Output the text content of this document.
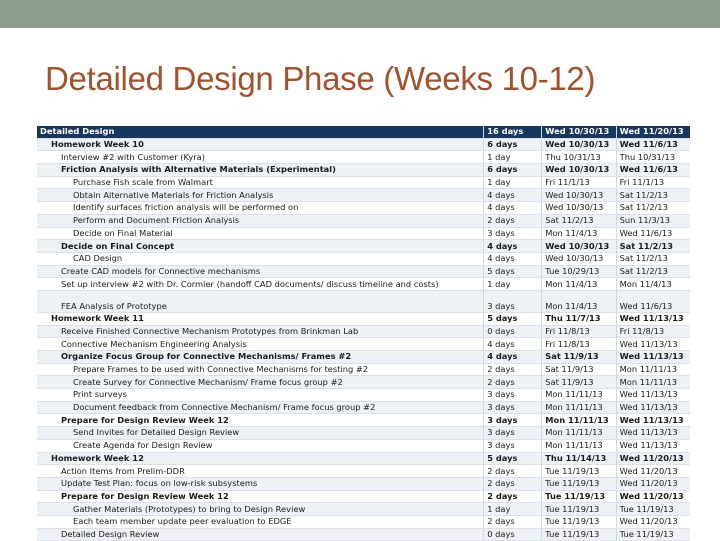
Detailed Design Phase (Weeks 10-12)
Detailed Design	16 days	Wed 10/30/13	Wed 11/20/13
Homework Week 10	6 days	Wed 10/30/13	Wed 11/6/13
Interview #2 with Customer (Kyra)	1 day	Thu 10/31/13	Thu 10/31/13
Friction Analysis with Alternative Materials (Experimental)	6 days	Wed 10/30/13	Wed 11/6/13
Purchase Fish scale from Walmart	1 day	Fri 11/1/13	Fri 11/1/13
Obtain Alternative Materials for Friction Analysis	4 days	Wed 10/30/13	Sat 11/2/13
Identify surfaces friction analysis will be performed on	4 days	Wed 10/30/13	Sat 11/2/13
Perform and Document Friction Analysis	2 days	Sat 11/2/13	Sun 11/3/13
Decide on Final Material	3 days	Mon 11/4/13	Wed 11/6/13
Decide on Final Concept	4 days	Wed 10/30/13	Sat 11/2/13
CAD Design	4 days	Wed 10/30/13	Sat 11/2/13
Create CAD models for Connective mechanisms	5 days	Tue 10/29/13	Sat 11/2/13
Set up interview #2 with Dr. Cormier (handoff CAD documents/ discuss timeline and costs)	1 day	Mon 11/4/13	Mon 11/4/13
FEA Analysis of Prototype	3 days	Mon 11/4/13	Wed 11/6/13
Homework Week 11	5 days	Thu 11/7/13	Wed 11/13/13
Receive Finished Connective Mechanism Prototypes from Brinkman Lab	0 days	Fri 11/8/13	Fri 11/8/13
Connective Mechanism Engineering Analysis	4 days	Fri 11/8/13	Wed 11/13/13
Organize Focus Group for Connective Mechanisms/ Frames #2	4 days	Sat 11/9/13	Wed 11/13/13
Prepare Frames to be used with Connective Mechanisms for testing #2	2 days	Sat 11/9/13	Mon 11/11/13
Create Survey for Connective Mechanism/ Frame focus group #2	2 days	Sat 11/9/13	Mon 11/11/13
Print surveys	3 days	Mon 11/11/13	Wed 11/13/13
Document feedback from Connective Mechanism/ Frame focus group #2	3 days	Mon 11/11/13	Wed 11/13/13
Prepare for Design Review Week 12	3 days	Mon 11/11/13	Wed 11/13/13
Send Invites for Detailed Design Review	3 days	Mon 11/11/13	Wed 11/13/13
Create Agenda for Design Review	3 days	Mon 11/11/13	Wed 11/13/13
Homework Week 12	5 days	Thu 11/14/13	Wed 11/20/13
Action Items from Prelim-DDR	2 days	Tue 11/19/13	Wed 11/20/13
Update Test Plan: focus on low-risk subsystems	2 days	Tue 11/19/13	Wed 11/20/13
Prepare for Design Review Week 12	2 days	Tue 11/19/13	Wed 11/20/13
Gather Materials (Prototypes) to bring to Design Review	1 day	Tue 11/19/13	Tue 11/19/13
Each team member update peer evaluation to EDGE	2 days	Tue 11/19/13	Wed 11/20/13
Detailed Design Review	0 days	Tue 11/19/13	Tue 11/19/13
